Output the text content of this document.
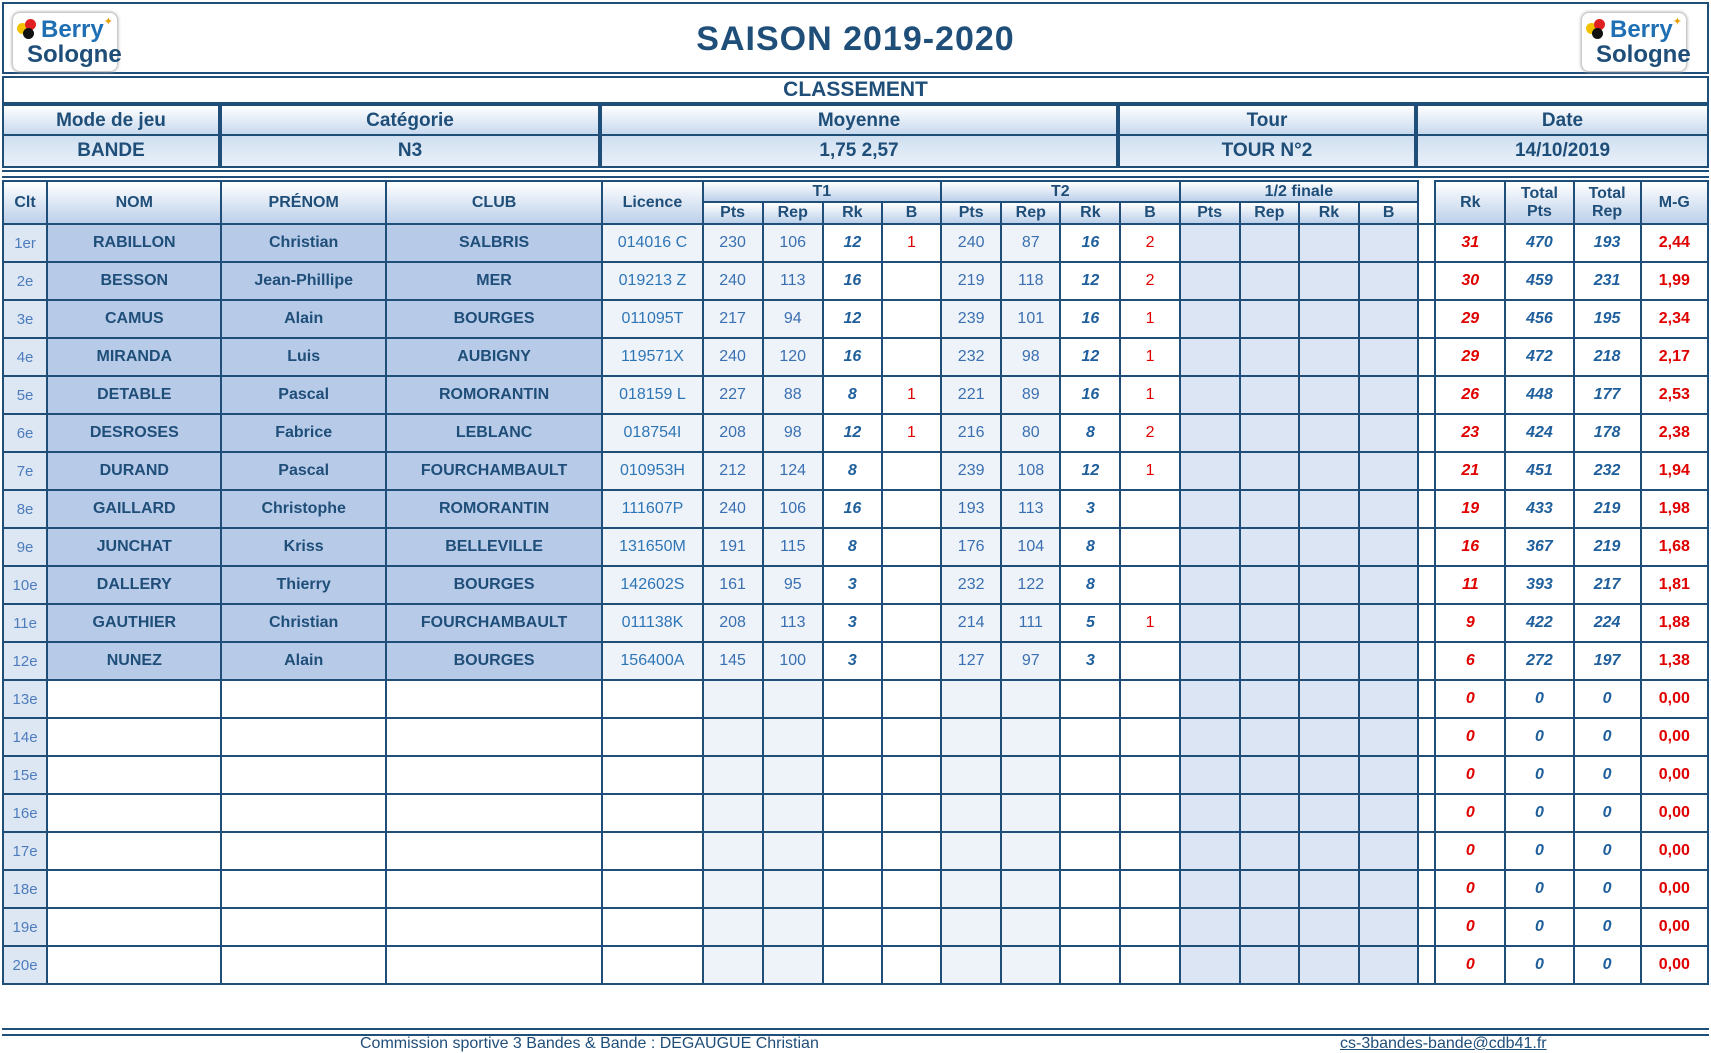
Berry
Sologne
✦	SAISON 2019-2020	Berry
Sologne
✦
CLASSEMENT
Mode de jeu	Catégorie	Moyenne	Tour	Date
BANDE	N3	1,75 2,57	TOUR N°2	14/10/2019
Clt	NOM	PRÉNOM	CLUB	Licence	T1				T2				1/2 finale					Rk	Total Pts	Total Rep	M-G
					Pts	Rep	Rk	B	Pts	Rep	Rk	B	Pts	Rep	Rk	B					
1er	RABILLON	Christian	SALBRIS	014016 C	230	106	12	1	240	87	16	2						31	470	193	2,44
2e	BESSON	Jean-Phillipe	MER	019213 Z	240	113	16		219	118	12	2						30	459	231	1,99
3e	CAMUS	Alain	BOURGES	011095T	217	94	12		239	101	16	1						29	456	195	2,34
4e	MIRANDA	Luis	AUBIGNY	119571X	240	120	16		232	98	12	1						29	472	218	2,17
5e	DETABLE	Pascal	ROMORANTIN	018159 L	227	88	8	1	221	89	16	1						26	448	177	2,53
6e	DESROSES	Fabrice	LEBLANC	018754I	208	98	12	1	216	80	8	2						23	424	178	2,38
7e	DURAND	Pascal	FOURCHAMBAULT	010953H	212	124	8		239	108	12	1						21	451	232	1,94
8e	GAILLARD	Christophe	ROMORANTIN	111607P	240	106	16		193	113	3							19	433	219	1,98
9e	JUNCHAT	Kriss	BELLEVILLE	131650M	191	115	8		176	104	8							16	367	219	1,68
10e	DALLERY	Thierry	BOURGES	142602S	161	95	3		232	122	8							11	393	217	1,81
11e	GAUTHIER	Christian	FOURCHAMBAULT	011138K	208	113	3		214	111	5	1						9	422	224	1,88
12e	NUNEZ	Alain	BOURGES	156400A	145	100	3		127	97	3							6	272	197	1,38
13e																		0	0	0	0,00
14e																		0	0	0	0,00
15e																		0	0	0	0,00
16e																		0	0	0	0,00
17e																		0	0	0	0,00
18e																		0	0	0	0,00
19e																		0	0	0	0,00
20e																		0	0	0	0,00
Commission sportive 3 Bandes & Bande : DEGAUGUE Christian	cs-3bandes-bande@cdb41.fr
